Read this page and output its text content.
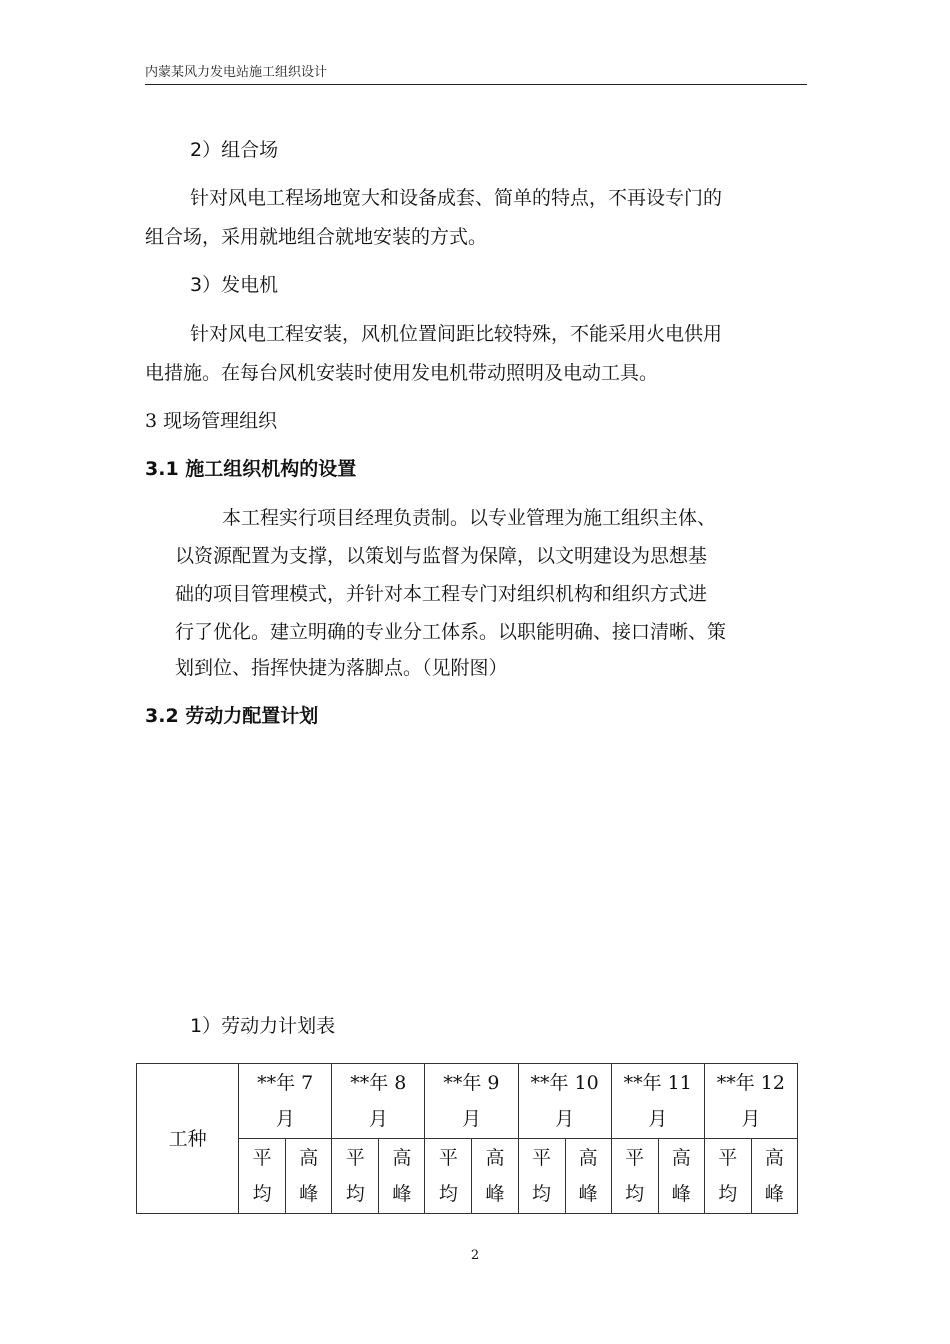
内蒙某风力发电站施工组织设计
2）组合场
针对风电工程场地宽大和设备成套、简单的特点，不再设专门的
组合场，采用就地组合就地安装的方式。
3）发电机
针对风电工程安装，风机位置间距比较特殊，不能采用火电供用
电措施。在每台风机安装时使用发电机带动照明及电动工具。
3 现场管理组织
3.1 施工组织机构的设置
本工程实行项目经理负责制。以专业管理为施工组织主体、
以资源配置为支撑，以策划与监督为保障，以文明建设为思想基
础的项目管理模式，并针对本工程专门对组织机构和组织方式进
行了优化。建立明确的专业分工体系。以职能明确、接口清晰、策
划到位、指挥快捷为落脚点。（见附图）
3.2 劳动力配置计划
1）劳动力计划表
工种	**年 7 月		**年 8 月		**年 9 月		**年 10 月		**年 11 月		**年 12 月	
	平均	高峰	平均	高峰	平均	高峰	平均	高峰	平均	高峰	平均	高峰
2
